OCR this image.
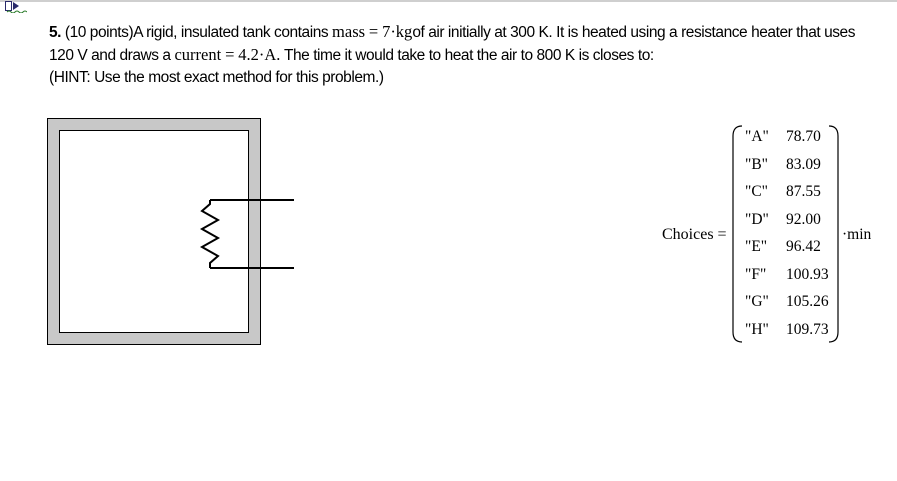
5. (10 points)A rigid, insulated tank contains mass = 7·kgof air initially at 300 K. It is heated using a resistance heater that uses

120 V and draws a current = 4.2·A. The time it would take to heat the air to 800 K is closes to:

(HINT: Use the most exact method for this problem.)

Choices =
"A" 78.70
"B" 83.09
"C" 87.55
"D" 92.00
"E" 96.42
"F" 100.93
"G" 105.26
"H" 109.73
·min
